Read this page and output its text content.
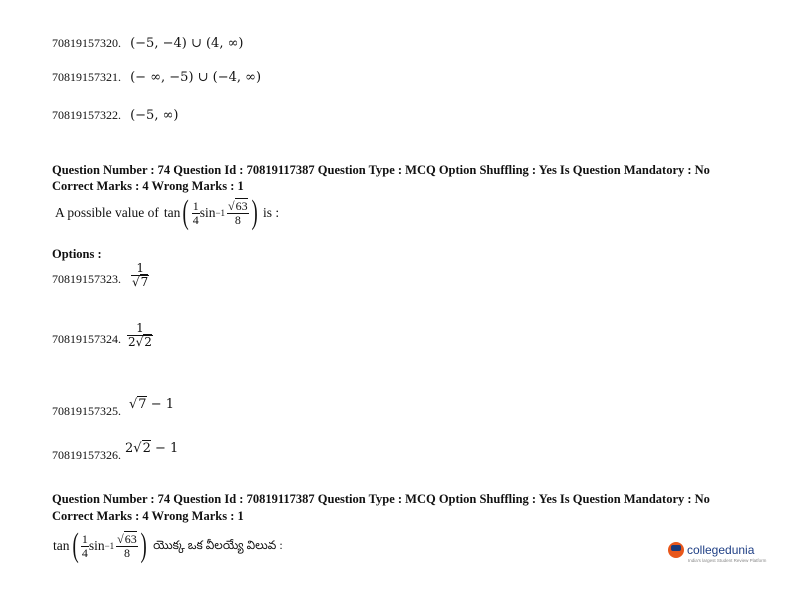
70819157320. (−5, −4) ∪ (4, ∞)
70819157321. (− ∞, −5) ∪ (−4, ∞)
70819157322. (−5, ∞)
Question Number : 74 Question Id : 70819117387 Question Type : MCQ Option Shuffling : Yes Is Question Mandatory : No
Correct Marks : 4 Wrong Marks : 1
A possible value of tan ( $\frac{1}{4}$ $\sin -1 \frac{√63}{8}$ ) is :
Options :
70819157323. $\frac{1}{√7}$
70819157324. $\frac{1}{2√2}$
70819157325. √7 − 1
70819157326. 2√2 − 1
Question Number : 74 Question Id : 70819117387 Question Type : MCQ Option Shuffling : Yes Is Question Mandatory : No
Correct Marks : 4 Wrong Marks : 1
tan ( $\frac{1}{4}$ $\sin -1 \frac{√63}{8}$ ) యొక్క ఒక వీలయ్యే విలువ :	collegedunia
India's largest Student Review Platform
